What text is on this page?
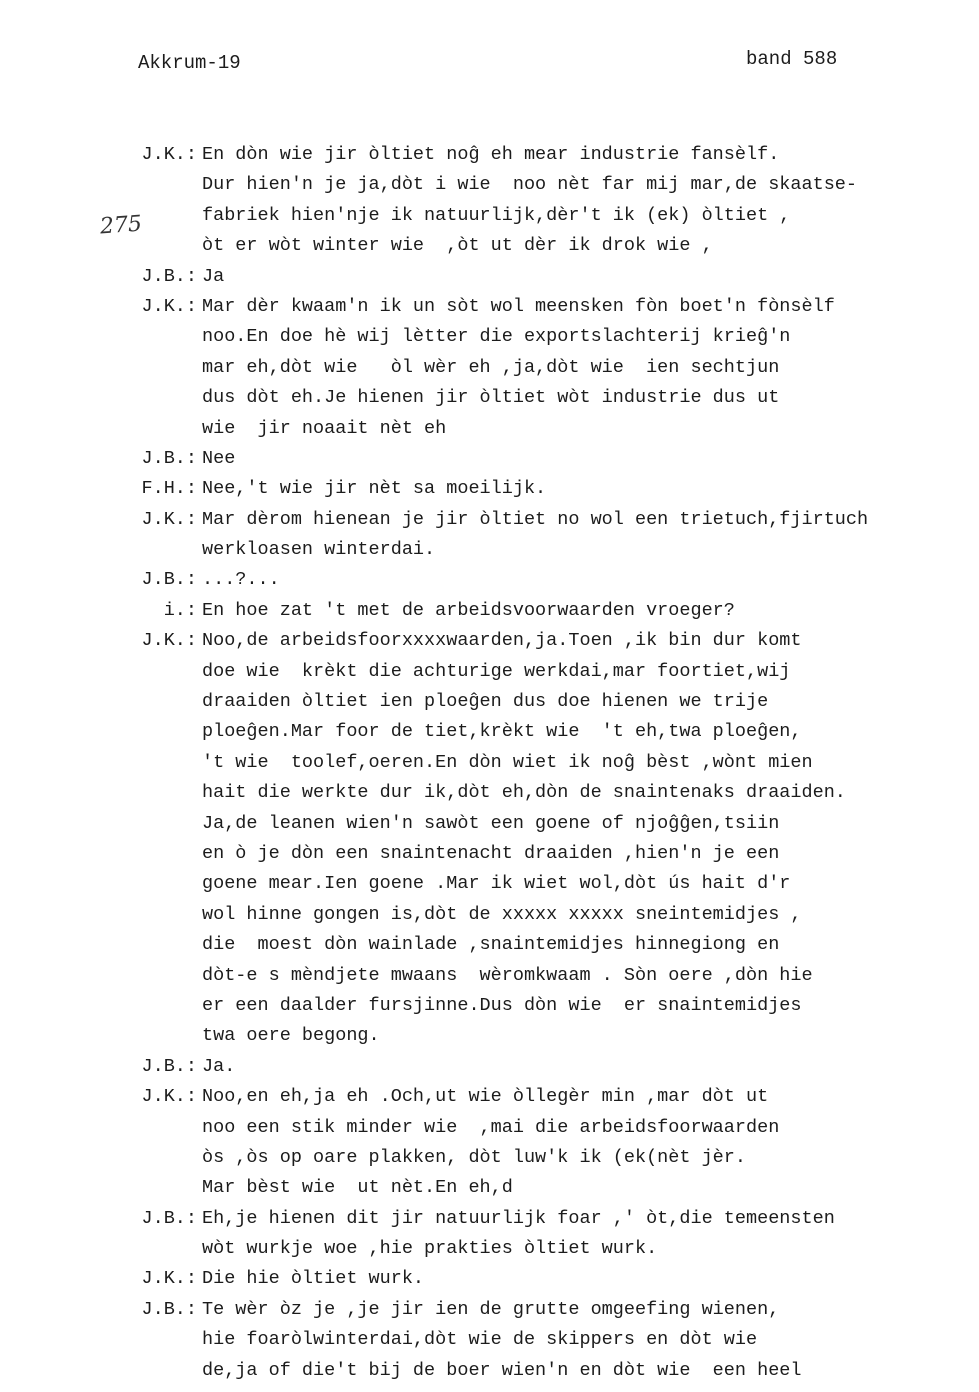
Akkrum-19	band 588
275
J.K.: En dòn wie jir òltiet noĝ eh mear industrie fansèlf.
Dur hien'n je ja,dòt i wie  noo nèt far mij mar,de skaatse-
fabriek hien'nje ik natuurlijk,dèr't ik (ek) òltiet ,
òt er wòt winter wie  ,òt ut dèr ik drok wie ,
J.B.: Ja
J.K.: Mar dèr kwaam'n ik un sòt wol meensken fòn boet'n fònsèlf
noo.En doe hè wij lètter die exportslachterij krieĝ'n
mar eh,dòt wie   òl wèr eh ,ja,dòt wie  ien sechtjun
dus dòt eh.Je hienen jir òltiet wòt industrie dus ut
wie  jir noaait nèt eh
J.B.: Nee
F.H.: Nee,'t wie jir nèt sa moeilijk.
J.K.: Mar dèrom hienean je jir òltiet no wol een trietuch,fjirtuch
werkloasen winterdai.
J.B.: ...?...
i.: En hoe zat 't met de arbeidsvoorwaarden vroeger?
J.K.: Noo,de arbeidsfoorxxxxwaarden,ja.Toen ,ik bin dur komt
doe wie  krèkt die achturige werkdai,mar foortiet,wij
draaiden òltiet ien ploeĝen dus doe hienen we trije
ploeĝen.Mar foor de tiet,krèkt wie  't eh,twa ploeĝen,
't wie  toolef,oeren.En dòn wiet ik noĝ bèst ,wònt mien
hait die werkte dur ik,dòt eh,dòn de snaintenaks draaiden.
Ja,de leanen wien'n sawòt een goene of njoĝĝen,tsiin
en ò je dòn een snaintenacht draaiden ,hien'n je een
goene mear.Ien goene .Mar ik wiet wol,dòt ús hait d'r
wol hinne gongen is,dòt de xxxxx xxxxx sneintemidjes ,
die  moest dòn wainlade ,snaintemidjes hinnegiong en
dòt-e s mèndjete mwaans  wèromkwaam . Sòn oere ,dòn hie
er een daalder fursjinne.Dus dòn wie  er snaintemidjes
twa oere begong.
J.B.: Ja.
J.K.: Noo,en eh,ja eh .Och,ut wie òllegèr min ,mar dòt ut
noo een stik minder wie  ,mai die arbeidsfoorwaarden
òs ,òs op oare plakken, dòt luw'k ik (ek(nèt jèr.
Mar bèst wie  ut nèt.En eh,d
J.B.: Eh,je hienen dit jir natuurlijk foar ,' òt,die temeensten
wòt wurkje woe ,hie prakties òltiet wurk.
J.K.: Die hie òltiet wurk.
J.B.: Te wèr òz je ,je jir ien de grutte omgeefing wienen,
hie foaròlwinterdai,dòt wie de skippers en dòt wie
de,ja of die't bij de boer wien'n en dòt wie  een heel
